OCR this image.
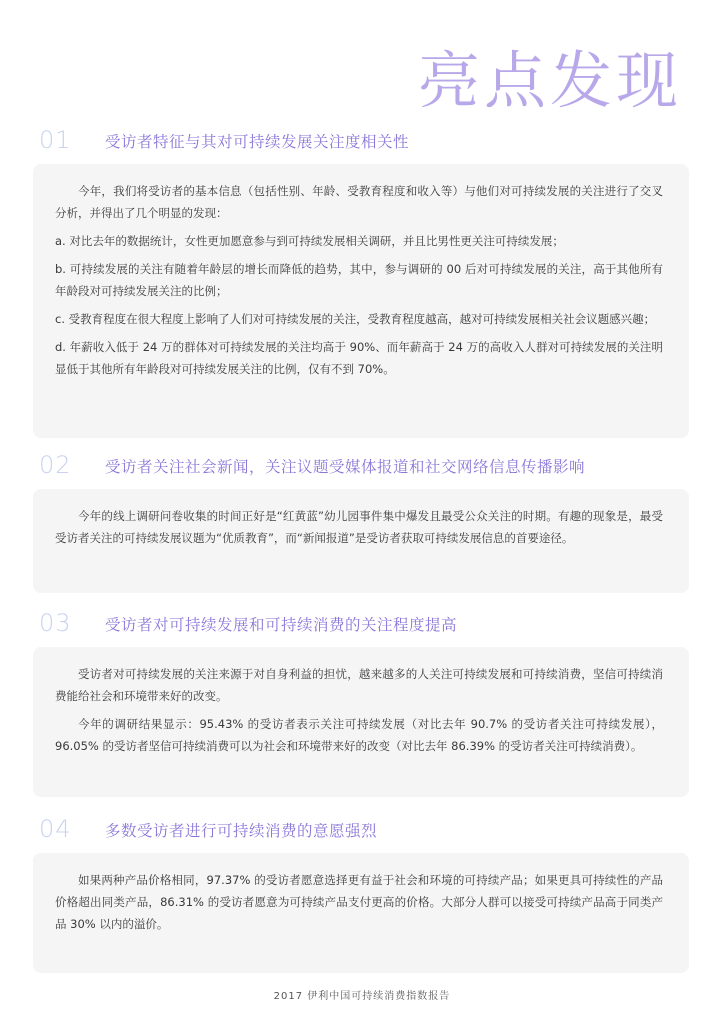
亮点发现
01 受访者特征与其对可持续发展关注度相关性

今年，我们将受访者的基本信息（包括性别、年龄、受教育程度和收入等）与他们对可持续发展的关注进行了交叉分析，并得出了几个明显的发现：

a. 对比去年的数据统计，女性更加愿意参与到可持续发展相关调研，并且比男性更关注可持续发展；

b. 可持续发展的关注有随着年龄层的增长而降低的趋势，其中，参与调研的 00 后对可持续发展的关注，高于其他所有年龄段对可持续发展关注的比例；

c. 受教育程度在很大程度上影响了人们对可持续发展的关注，受教育程度越高，越对可持续发展相关社会议题感兴趣；

d. 年薪收入低于 24 万的群体对可持续发展的关注均高于 90%、而年薪高于 24 万的高收入人群对可持续发展的关注明显低于其他所有年龄段对可持续发展关注的比例，仅有不到 70%。

02 受访者关注社会新闻，关注议题受媒体报道和社交网络信息传播影响

今年的线上调研问卷收集的时间正好是“红黄蓝”幼儿园事件集中爆发且最受公众关注的时期。有趣的现象是，最受受访者关注的可持续发展议题为“优质教育”，而“新闻报道”是受访者获取可持续发展信息的首要途径。

03 受访者对可持续发展和可持续消费的关注程度提高

受访者对可持续发展的关注来源于对自身利益的担忧，越来越多的人关注可持续发展和可持续消费，坚信可持续消费能给社会和环境带来好的改变。

今年的调研结果显示：95.43% 的受访者表示关注可持续发展（对比去年 90.7% 的受访者关注可持续发展），96.05% 的受访者坚信可持续消费可以为社会和环境带来好的改变（对比去年 86.39% 的受访者关注可持续消费）。

04 多数受访者进行可持续消费的意愿强烈

如果两种产品价格相同，97.37% 的受访者愿意选择更有益于社会和环境的可持续产品；如果更具可持续性的产品价格超出同类产品，86.31% 的受访者愿意为可持续产品支付更高的价格。大部分人群可以接受可持续产品高于同类产品 30% 以内的溢价。

2017 伊利中国可持续消费指数报告
